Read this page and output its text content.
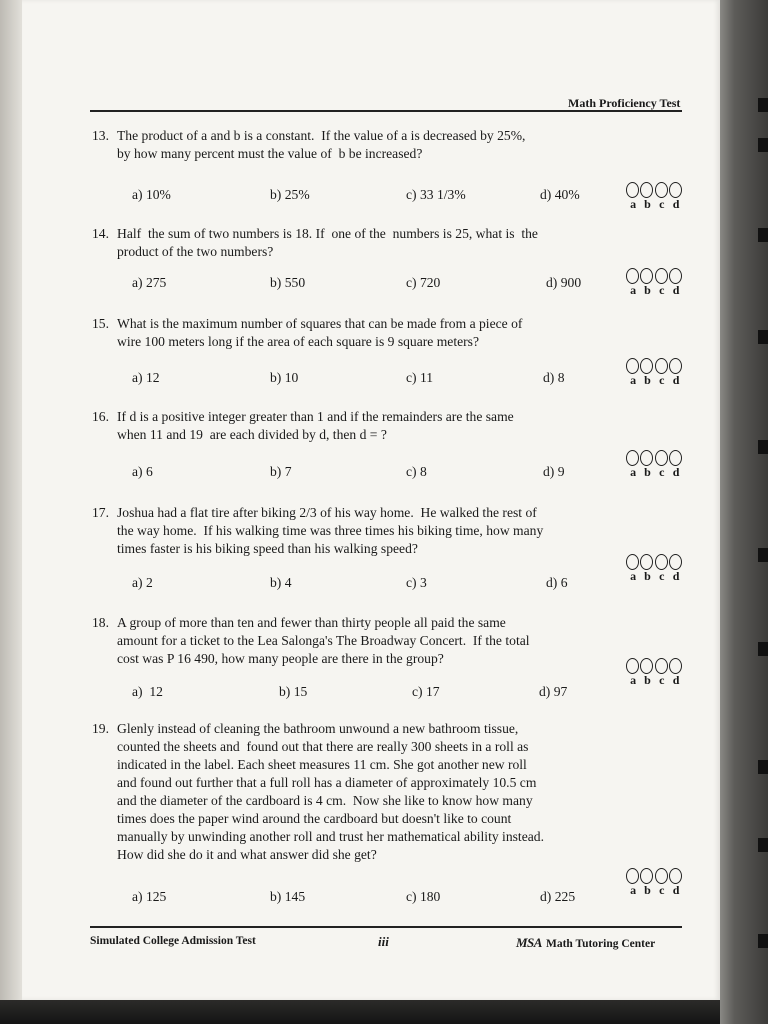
Math Proficiency Test
13. The product of a and b is a constant.  If the value of a is decreased by 25%,
by how many percent must the value of  b be increased?
a) 10%	b) 25%	c) 33 1/3%	d) 40%
14. Half  the sum of two numbers is 18. If  one of the  numbers is 25, what is  the
product of the two numbers?
a) 275	b) 550	c) 720	d) 900
15. What is the maximum number of squares that can be made from a piece of
wire 100 meters long if the area of each square is 9 square meters?
a) 12	b) 10	c) 11	d) 8
16. If d is a positive integer greater than 1 and if the remainders are the same
when 11 and 19  are each divided by d, then d = ?
a) 6	b) 7	c) 8	d) 9
17. Joshua had a flat tire after biking 2/3 of his way home.  He walked the rest of
the way home.  If his walking time was three times his biking time, how many
times faster is his biking speed than his walking speed?
a) 2	b) 4	c) 3	d) 6
18. A group of more than ten and fewer than thirty people all paid the same
amount for a ticket to the Lea Salonga's The Broadway Concert.  If the total
cost was P 16 490, how many people are there in the group?
a)  12	b) 15	c) 17	d) 97
19. Glenly instead of cleaning the bathroom unwound a new bathroom tissue,
counted the sheets and  found out that there are really 300 sheets in a roll as
indicated in the label. Each sheet measures 11 cm. She got another new roll
and found out further that a full roll has a diameter of approximately 10.5 cm
and the diameter of the cardboard is 4 cm.  Now she like to know how many
times does the paper wind around the cardboard but doesn't like to count
manually by unwinding another roll and trust her mathematical ability instead.
How did she do it and what answer did she get?
a) 125	b) 145	c) 180	d) 225
Simulated College Admission Test	iii	MSA Math Tutoring Center
a b c d
a b c d
a b c d
a b c d
a b c d
a b c d
a b c d
